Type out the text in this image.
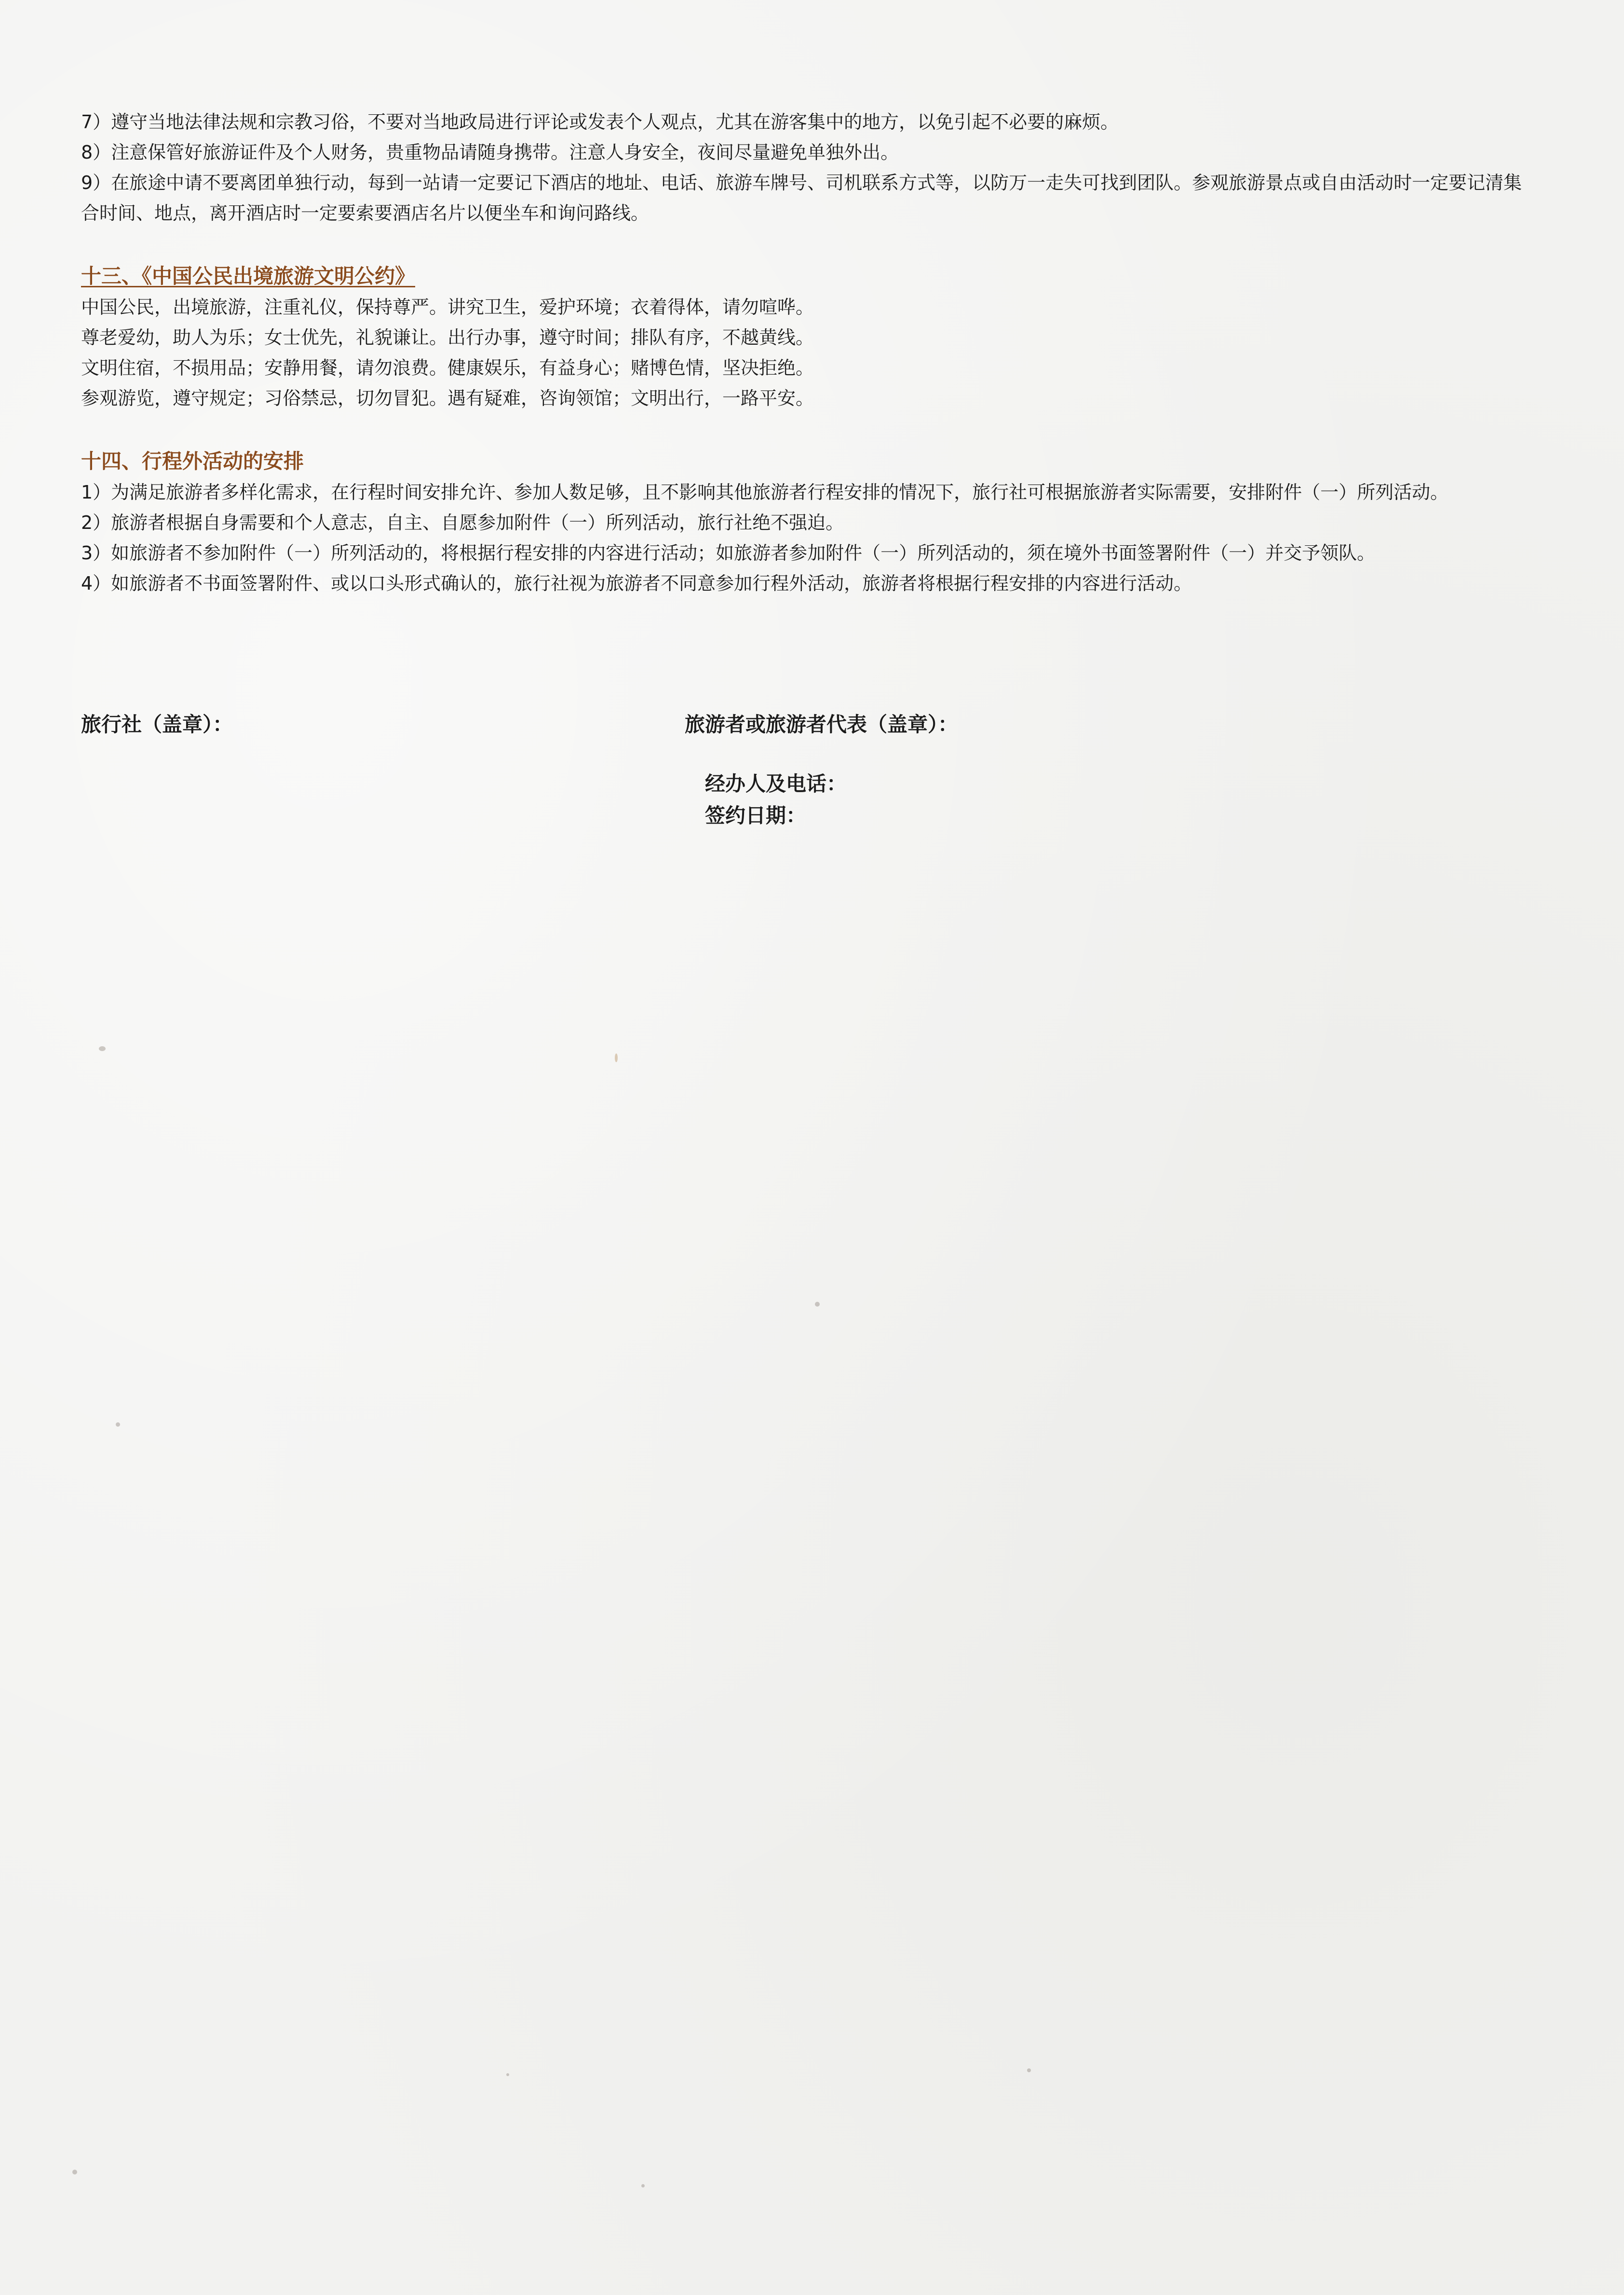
7）遵守当地法律法规和宗教习俗，不要对当地政局进行评论或发表个人观点，尤其在游客集中的地方，以免引起不必要的麻烦。

8）注意保管好旅游证件及个人财务，贵重物品请随身携带。注意人身安全，夜间尽量避免单独外出。

9）在旅途中请不要离团单独行动，每到一站请一定要记下酒店的地址、电话、旅游车牌号、司机联系方式等，以防万一走失可找到团队。参观旅游景点或自由活动时一定要记清集合时间、地点，离开酒店时一定要索要酒店名片以便坐车和询问路线。

十三、《中国公民出境旅游文明公约》

中国公民，出境旅游，注重礼仪，保持尊严。讲究卫生，爱护环境；衣着得体，请勿喧哗。

尊老爱幼，助人为乐；女士优先，礼貌谦让。出行办事，遵守时间；排队有序，不越黄线。

文明住宿，不损用品；安静用餐，请勿浪费。健康娱乐，有益身心；赌博色情，坚决拒绝。

参观游览，遵守规定；习俗禁忌，切勿冒犯。遇有疑难，咨询领馆；文明出行，一路平安。

十四、行程外活动的安排

1）为满足旅游者多样化需求，在行程时间安排允许、参加人数足够，且不影响其他旅游者行程安排的情况下，旅行社可根据旅游者实际需要，安排附件（一）所列活动。

2）旅游者根据自身需要和个人意志，自主、自愿参加附件（一）所列活动，旅行社绝不强迫。

3）如旅游者不参加附件（一）所列活动的，将根据行程安排的内容进行活动；如旅游者参加附件（一）所列活动的，须在境外书面签署附件（一）并交予领队。

4）如旅游者不书面签署附件、或以口头形式确认的，旅行社视为旅游者不同意参加行程外活动，旅游者将根据行程安排的内容进行活动。

旅行社（盖章）：	旅游者或旅游者代表（盖章）：
经办人及电话：
签约日期：
